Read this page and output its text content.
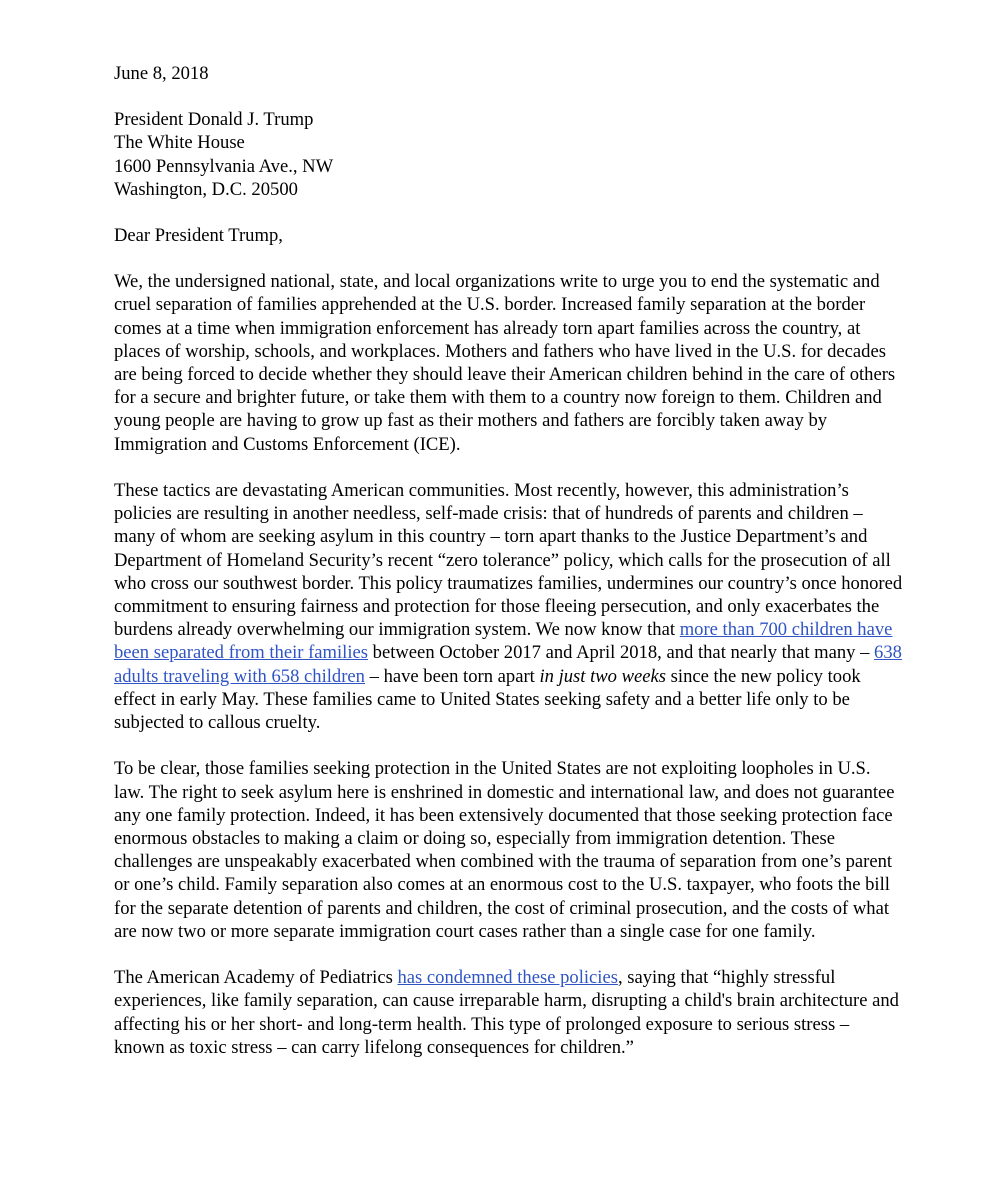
June 8, 2018

President Donald J. Trump
The White House
1600 Pennsylvania Ave., NW
Washington, D.C. 20500

Dear President Trump,

We, the undersigned national, state, and local organizations write to urge you to end the systematic and cruel separation of families apprehended at the U.S. border. Increased family separation at the border comes at a time when immigration enforcement has already torn apart families across the country, at places of worship, schools, and workplaces. Mothers and fathers who have lived in the U.S. for decades are being forced to decide whether they should leave their American children behind in the care of others for a secure and brighter future, or take them with them to a country now foreign to them. Children and young people are having to grow up fast as their mothers and fathers are forcibly taken away by Immigration and Customs Enforcement (ICE).

These tactics are devastating American communities. Most recently, however, this administration’s policies are resulting in another needless, self-made crisis: that of hundreds of parents and children – many of whom are seeking asylum in this country – torn apart thanks to the Justice Department’s and Department of Homeland Security’s recent “zero tolerance” policy, which calls for the prosecution of all who cross our southwest border. This policy traumatizes families, undermines our country’s once honored commitment to ensuring fairness and protection for those fleeing persecution, and only exacerbates the burdens already overwhelming our immigration system. We now know that more than 700 children have been separated from their families between October 2017 and April 2018, and that nearly that many – 638 adults traveling with 658 children – have been torn apart in just two weeks since the new policy took effect in early May. These families came to United States seeking safety and a better life only to be subjected to callous cruelty.

To be clear, those families seeking protection in the United States are not exploiting loopholes in U.S. law. The right to seek asylum here is enshrined in domestic and international law, and does not guarantee any one family protection. Indeed, it has been extensively documented that those seeking protection face enormous obstacles to making a claim or doing so, especially from immigration detention. These challenges are unspeakably exacerbated when combined with the trauma of separation from one’s parent or one’s child. Family separation also comes at an enormous cost to the U.S. taxpayer, who foots the bill for the separate detention of parents and children, the cost of criminal prosecution, and the costs of what are now two or more separate immigration court cases rather than a single case for one family.

The American Academy of Pediatrics has condemned these policies, saying that “highly stressful experiences, like family separation, can cause irreparable harm, disrupting a child's brain architecture and affecting his or her short- and long-term health. This type of prolonged exposure to serious stress – known as toxic stress – can carry lifelong consequences for children.”
